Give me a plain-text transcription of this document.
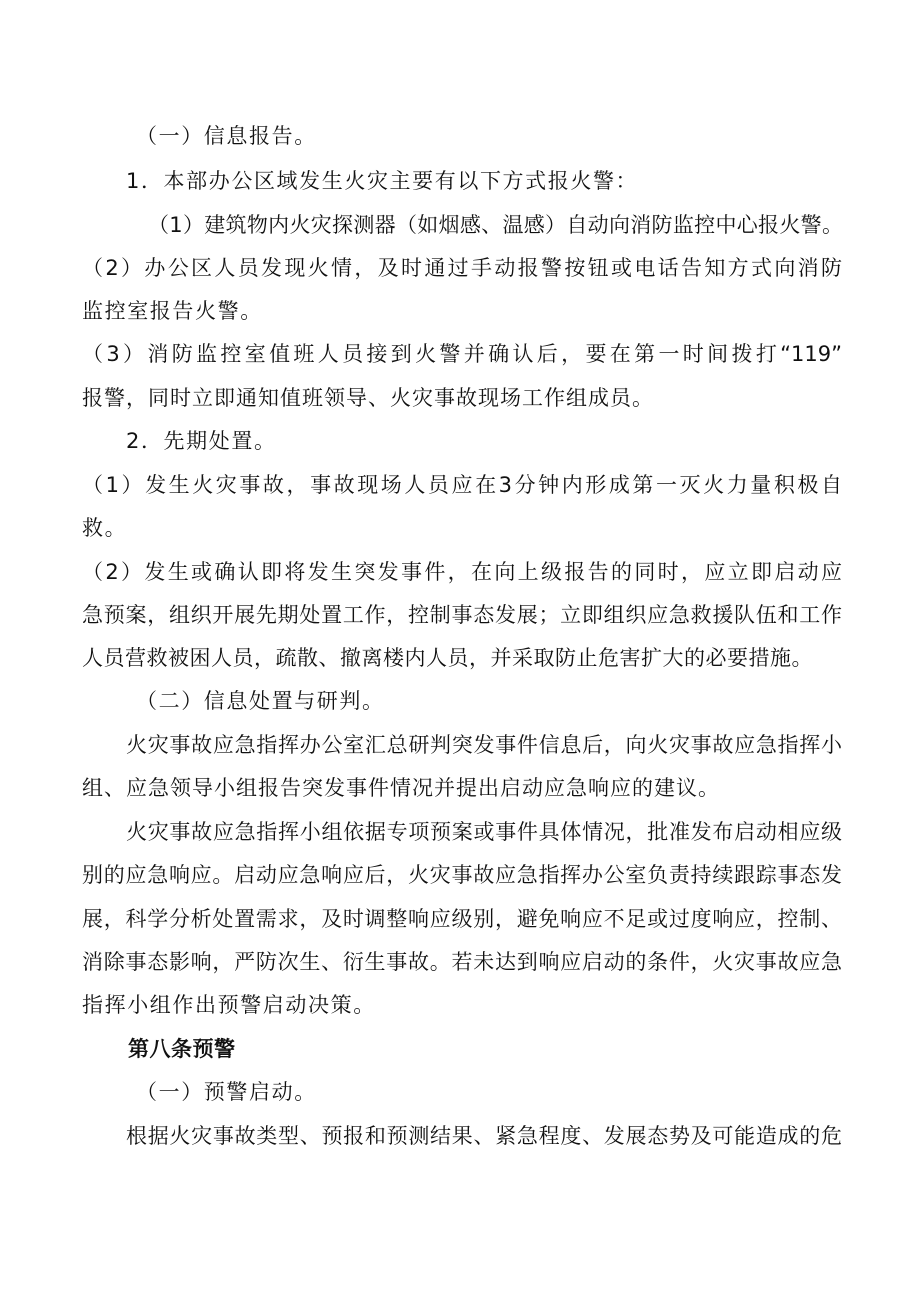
（一）信息报告。
1．本部办公区域发生火灾主要有以下方式报火警：
（1）建筑物内火灾探测器（如烟感、温感）自动向消防监控中心报火警。
（2）办公区人员发现火情，及时通过手动报警按钮或电话告知方式向消防
监控室报告火警。
（3）消防监控室值班人员接到火警并确认后，要在第一时间拨打“119”
报警，同时立即通知值班领导、火灾事故现场工作组成员。
2．先期处置。
（1）发生火灾事故，事故现场人员应在3分钟内形成第一灭火力量积极自
救。
（2）发生或确认即将发生突发事件，在向上级报告的同时，应立即启动应
急预案，组织开展先期处置工作，控制事态发展；立即组织应急救援队伍和工作
人员营救被困人员，疏散、撤离楼内人员，并采取防止危害扩大的必要措施。
（二）信息处置与研判。
火灾事故应急指挥办公室汇总研判突发事件信息后，向火灾事故应急指挥小
组、应急领导小组报告突发事件情况并提出启动应急响应的建议。
火灾事故应急指挥小组依据专项预案或事件具体情况，批准发布启动相应级
别的应急响应。启动应急响应后，火灾事故应急指挥办公室负责持续跟踪事态发
展，科学分析处置需求，及时调整响应级别，避免响应不足或过度响应，控制、
消除事态影响，严防次生、衍生事故。若未达到响应启动的条件，火灾事故应急
指挥小组作出预警启动决策。
第八条预警
（一）预警启动。
根据火灾事故类型、预报和预测结果、紧急程度、发展态势及可能造成的危
